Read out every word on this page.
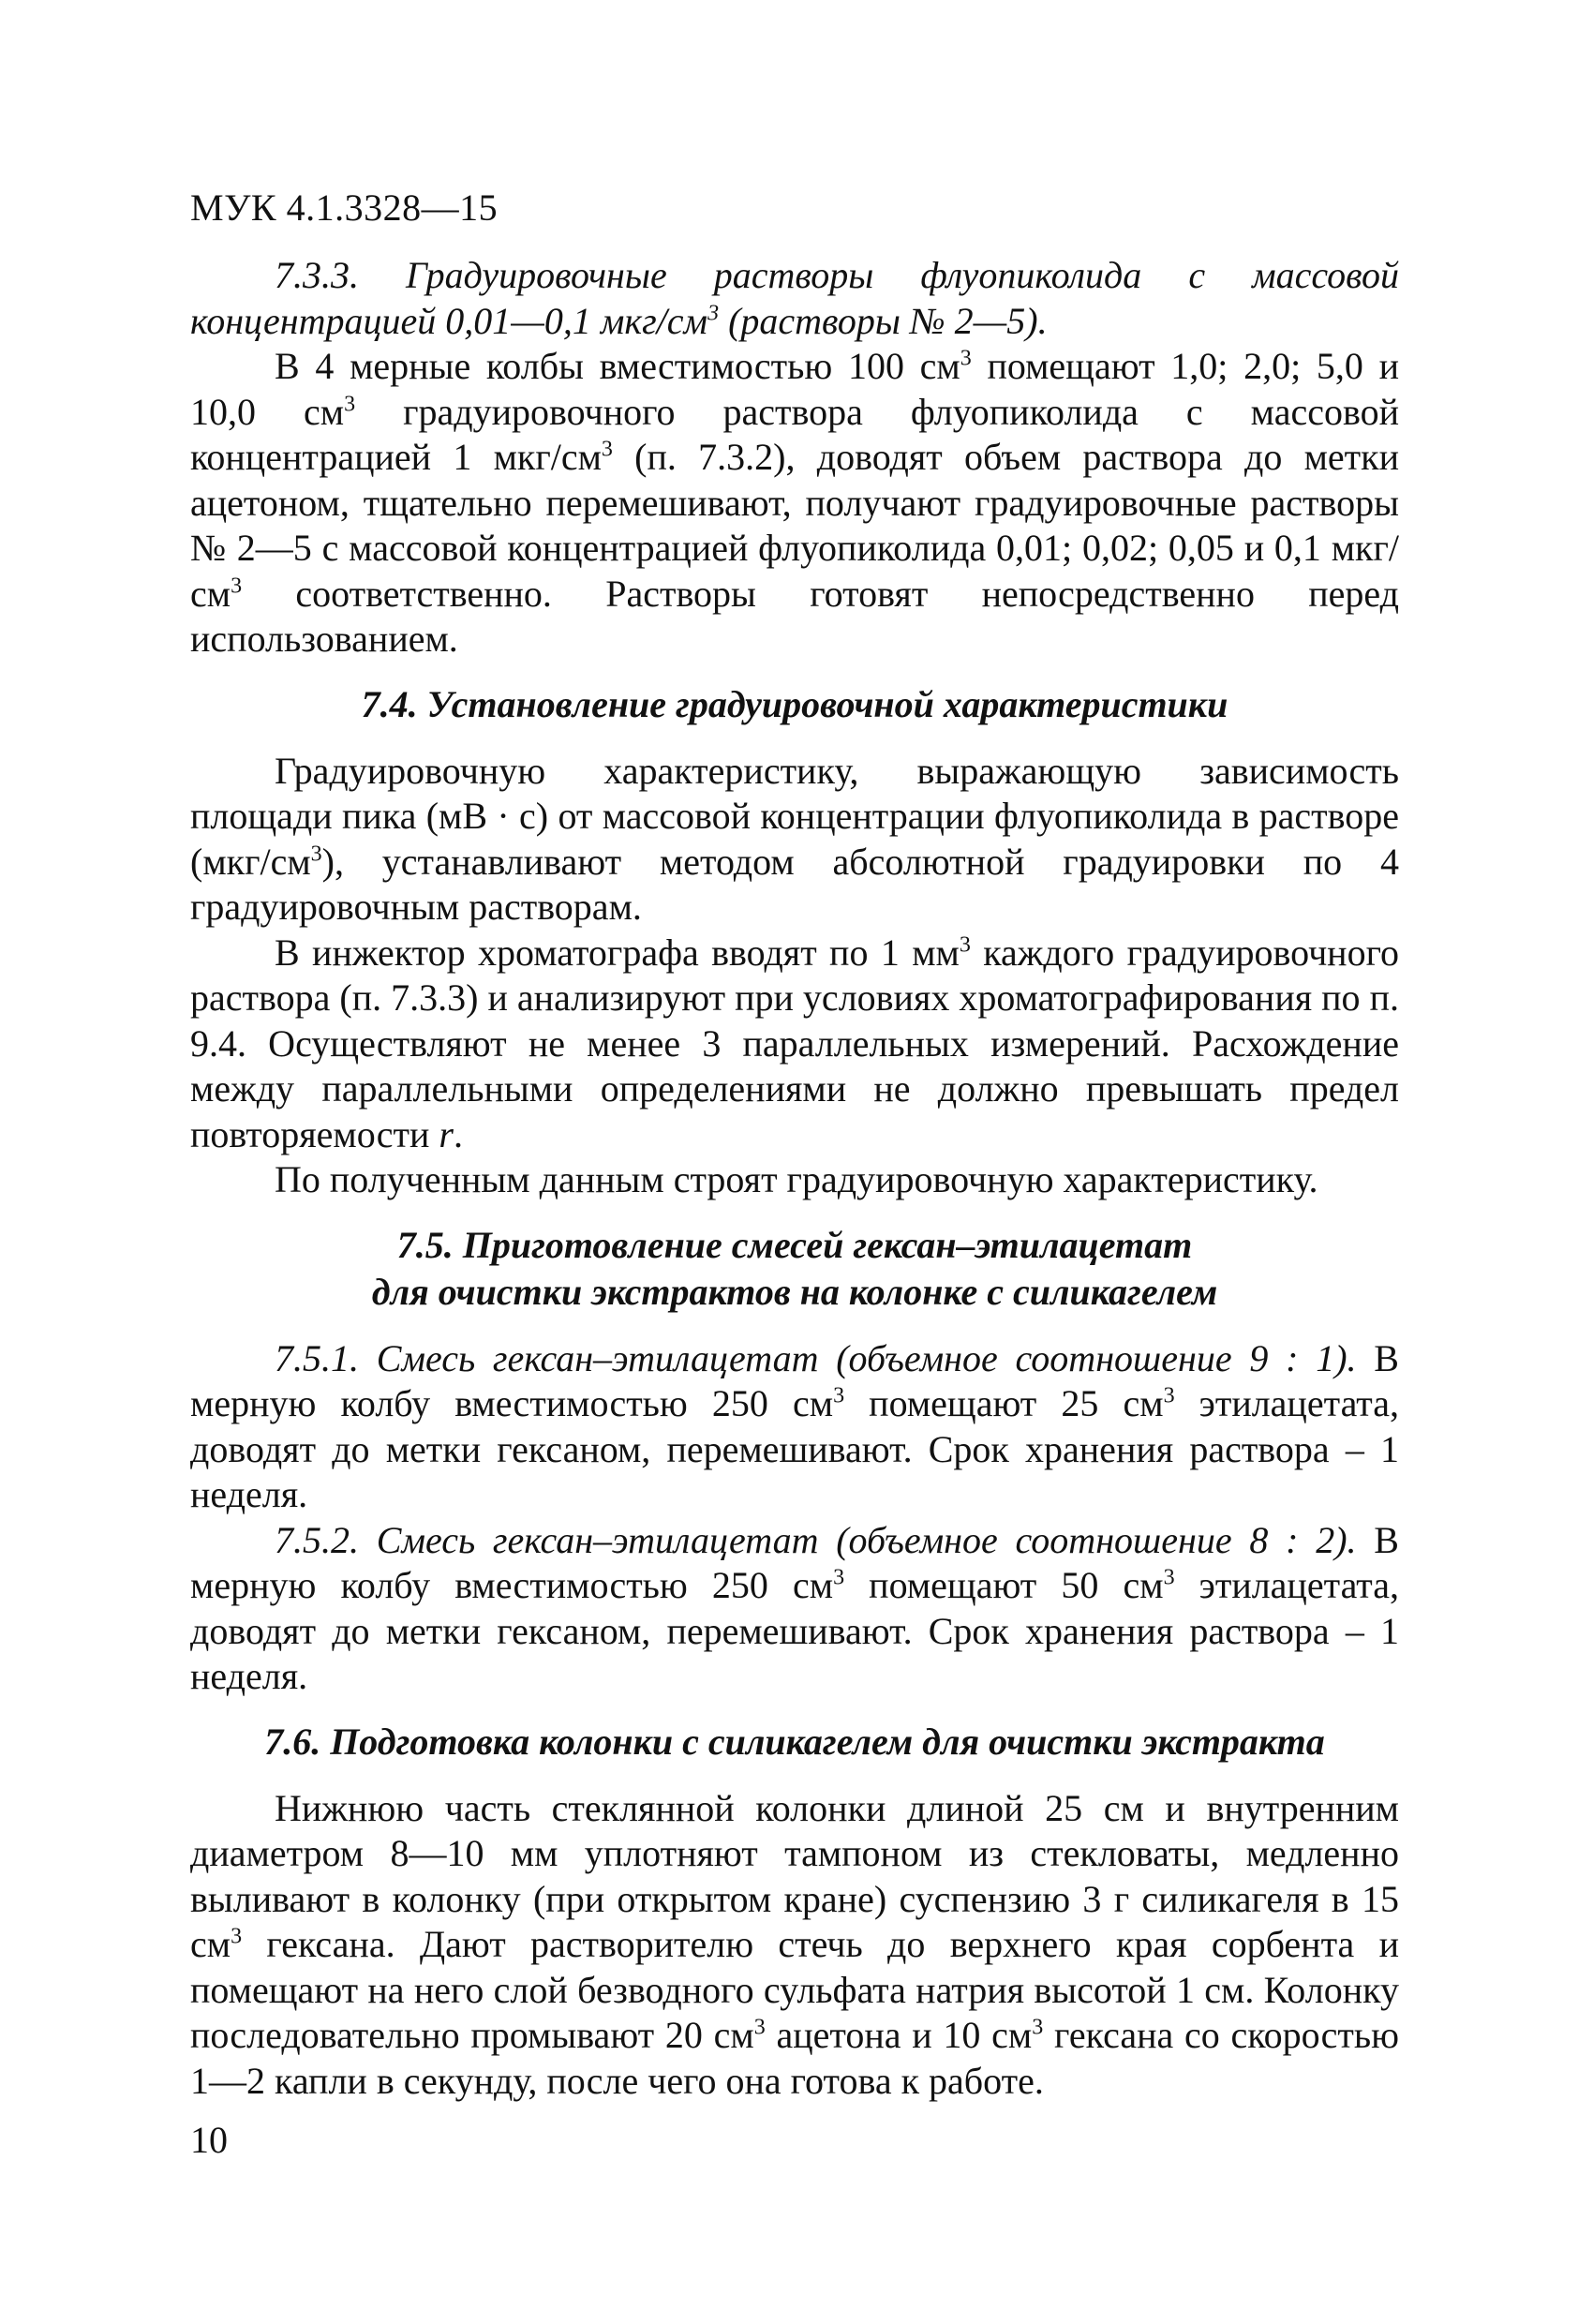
МУК 4.1.3328—15

7.3.3. Градуировочные растворы флуопиколида с массовой концентрацией 0,01—0,1 мкг/$см^3$ (растворы № 2—5).

В 4 мерные колбы вместимостью 100 $см^3$ помещают 1,0; 2,0; 5,0 и 10,0 $см^3$ градуировочного раствора флуопиколида с массовой концентрацией 1 мкг/$см^3$ (п. 7.3.2), доводят объем раствора до метки ацетоном, тщательно перемешивают, получают градуировочные растворы № 2—5 с массовой концентрацией флуопиколида 0,01; 0,02; 0,05 и 0,1 мкг/$см^3$ соответственно. Растворы готовят непосредственно перед использованием.

7.4. Установление градуировочной характеристики

Градуировочную характеристику, выражающую зависимость площади пика (мВ · с) от массовой концентрации флуопиколида в растворе $(мкг/см^3)$, устанавливают методом абсолютной градуировки по 4 градуировочным растворам.

В инжектор хроматографа вводят по 1 $мм^3$ каждого градуировочного раствора (п. 7.3.3) и анализируют при условиях хроматографирования по п. 9.4. Осуществляют не менее 3 параллельных измерений. Расхождение между параллельными определениями не должно превышать предел повторяемости r.

По полученным данным строят градуировочную характеристику.

7.5. Приготовление смесей гексан–этилацетат
для очистки экстрактов на колонке с силикагелем

7.5.1. Смесь гексан–этилацетат (объемное соотношение 9 : 1). В мерную колбу вместимостью 250 $см^3$ помещают 25 $см^3$ этилацетата, доводят до метки гексаном, перемешивают. Срок хранения раствора – 1 неделя.

7.5.2. Смесь гексан–этилацетат (объемное соотношение 8 : 2). В мерную колбу вместимостью 250 $см^3$ помещают 50 $см^3$ этилацетата, доводят до метки гексаном, перемешивают. Срок хранения раствора – 1 неделя.

7.6. Подготовка колонки с силикагелем для очистки экстракта

Нижнюю часть стеклянной колонки длиной 25 см и внутренним диаметром 8—10 мм уплотняют тампоном из стекловаты, медленно выливают в колонку (при открытом кране) суспензию 3 г силикагеля в 15 $см^3$ гексана. Дают растворителю стечь до верхнего края сорбента и помещают на него слой безводного сульфата натрия высотой 1 см. Колонку последовательно промывают 20 $см^3$ ацетона и 10 $см^3$ гексана со скоростью 1—2 капли в секунду, после чего она готова к работе.

10
